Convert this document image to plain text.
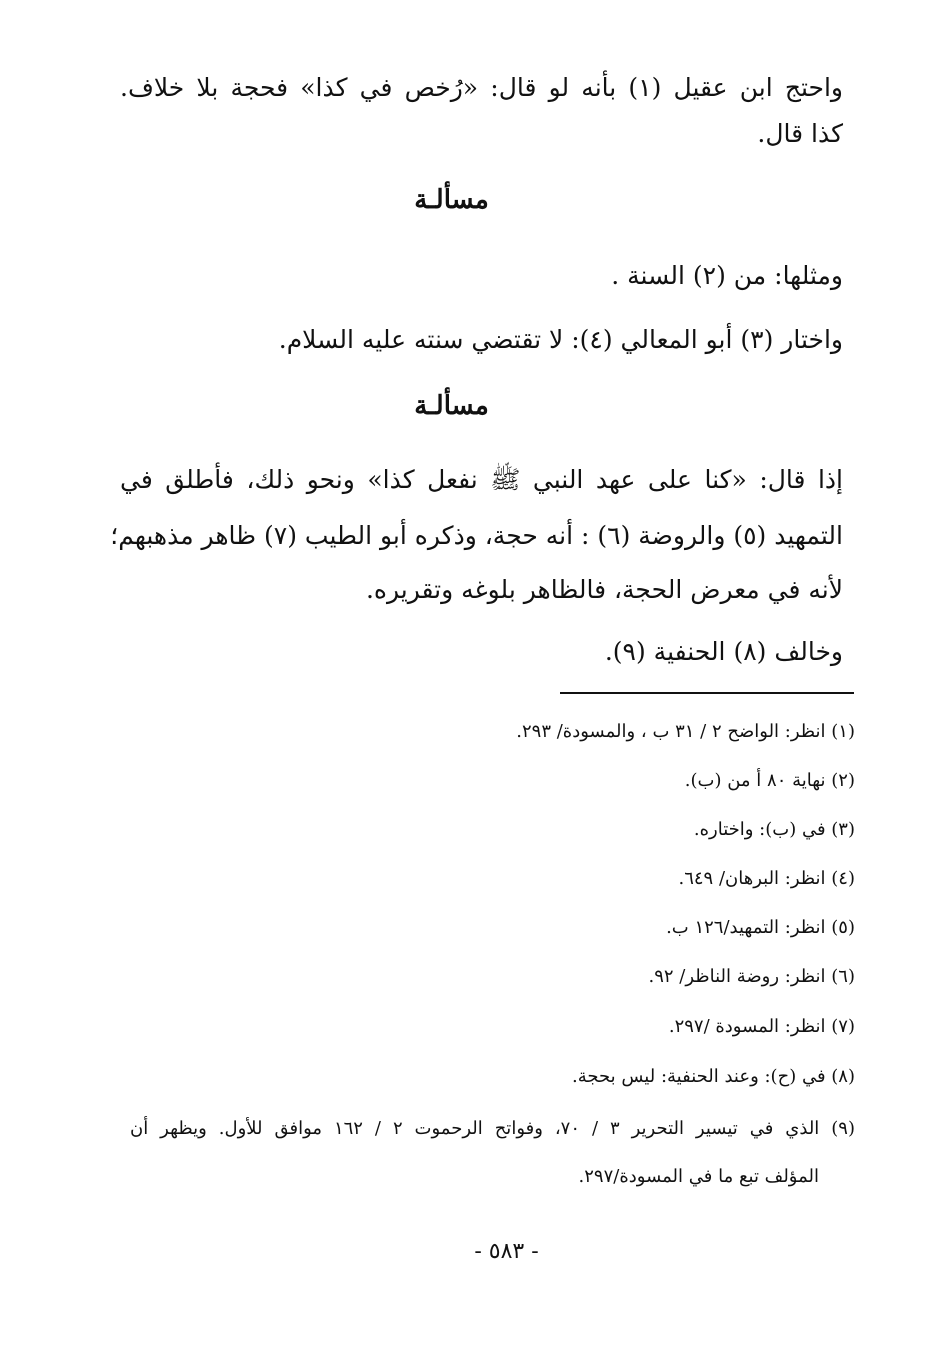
واحتج ابن عقيل (١) بأنه لو قال: «رُخص في كذا» فحجة بلا خلاف.
كذا قال.
مسألـة
ومثلها: من (٢) السنة .
واختار (٣) أبو المعالي (٤): لا تقتضي سنته عليه السلام.
مسألـة
إذا قال: «كنا على عهد النبي ﷺ نفعل كذا» ونحو ذلك، فأطلق في
التمهيد (٥) والروضة (٦) : أنه حجة، وذكره أبو الطيب (٧) ظاهر مذهبهم؛
لأنه في معرض الحجة، فالظاهر بلوغه وتقريره.
وخالف (٨) الحنفية (٩).
(١) انظر: الواضح ٢ / ٣١ ب ، والمسودة/ ٢٩٣.
(٢) نهاية ٨٠ أ من (ب).
(٣) في (ب): واختاره.
(٤) انظر: البرهان/ ٦٤٩.
(٥) انظر: التمهيد/١٢٦ ب.
(٦) انظر: روضة الناظر/ ٩٢.
(٧) انظر: المسودة /٢٩٧.
(٨) في (ح): وعند الحنفية: ليس بحجة.
(٩) الذي في تيسير التحرير ٣ / ٧٠، وفواتح الرحموت ٢ / ١٦٢ موافق للأول. ويظهر أن
المؤلف تبع ما في المسودة/٢٩٧.
- ٥٨٣ -
